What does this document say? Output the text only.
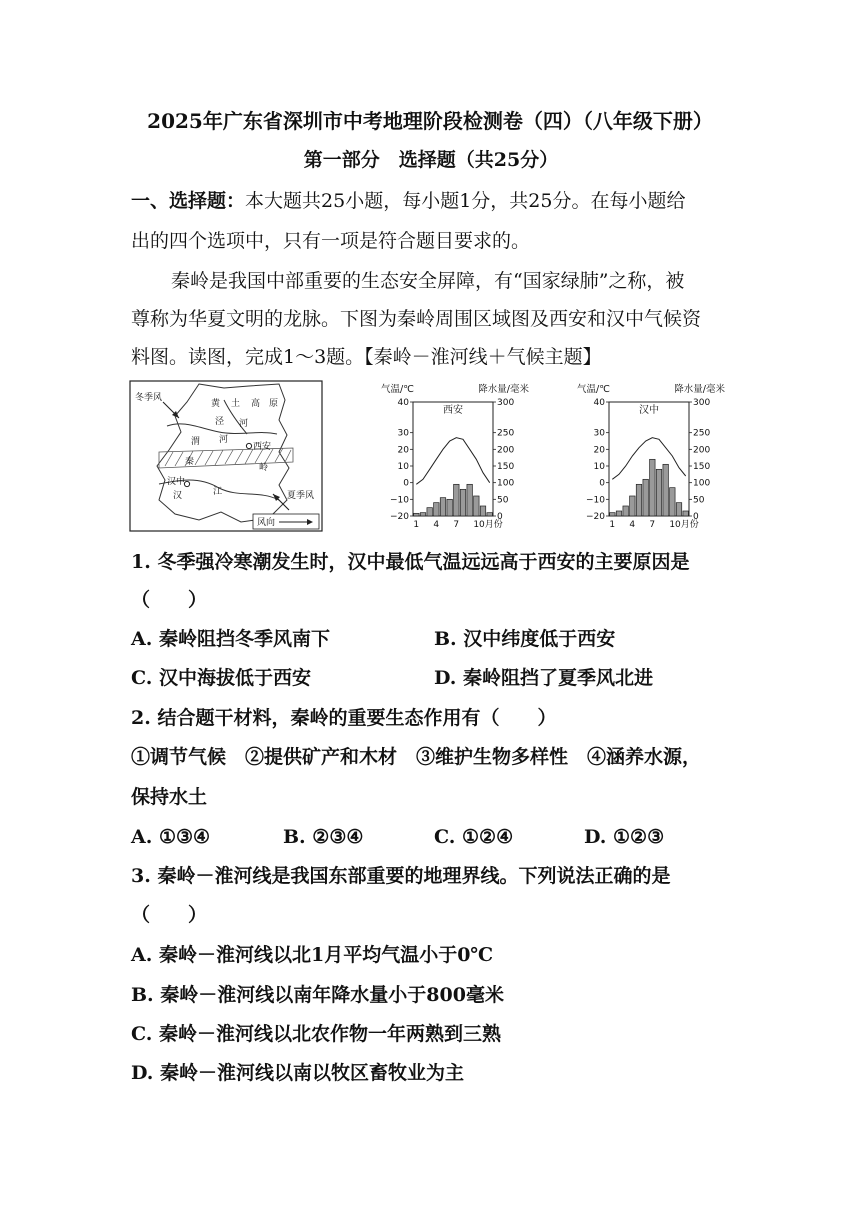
2025年广东省深圳市中考地理阶段检测卷（四）（八年级下册）
第一部分　选择题（共25分）
一、选择题：本大题共25小题，每小题1分，共25分。在每小题给
出的四个选项中，只有一项是符合题目要求的。
秦岭是我国中部重要的生态安全屏障，有“国家绿肺”之称，被
尊称为华夏文明的龙脉。下图为秦岭周围区域图及西安和汉中气候资
料图。读图，完成1～3题。【秦岭－淮河线＋气候主题】
冬季风
夏季风
黄 土 高 原
泾 河
渭 河
西安
秦
岭
汉中
汉	江
风向
气温/℃	降水量/毫米
西安
40
30
20
10
0
−10
−20
300
250
200
150
100
50
0
1 4 7 10月份
气温/℃	降水量/毫米
汉中
40
30
20
10
0
−10
−20
300
250
200
150
100
50
0
1 4 7 10月份
1. 冬季强冷寒潮发生时，汉中最低气温远远高于西安的主要原因是
（　　）
A. 秦岭阻挡冬季风南下	B. 汉中纬度低于西安
C. 汉中海拔低于西安	D. 秦岭阻挡了夏季风北进
2. 结合题干材料，秦岭的重要生态作用有（　　）
①调节气候　②提供矿产和木材　③维护生物多样性　④涵养水源，
保持水土
A. ①③④	B. ②③④	C. ①②④	D. ①②③
3. 秦岭－淮河线是我国东部重要的地理界线。下列说法正确的是
（　　）
A. 秦岭－淮河线以北1月平均气温小于0℃
B. 秦岭－淮河线以南年降水量小于800毫米
C. 秦岭－淮河线以北农作物一年两熟到三熟
D. 秦岭－淮河线以南以牧区畜牧业为主
